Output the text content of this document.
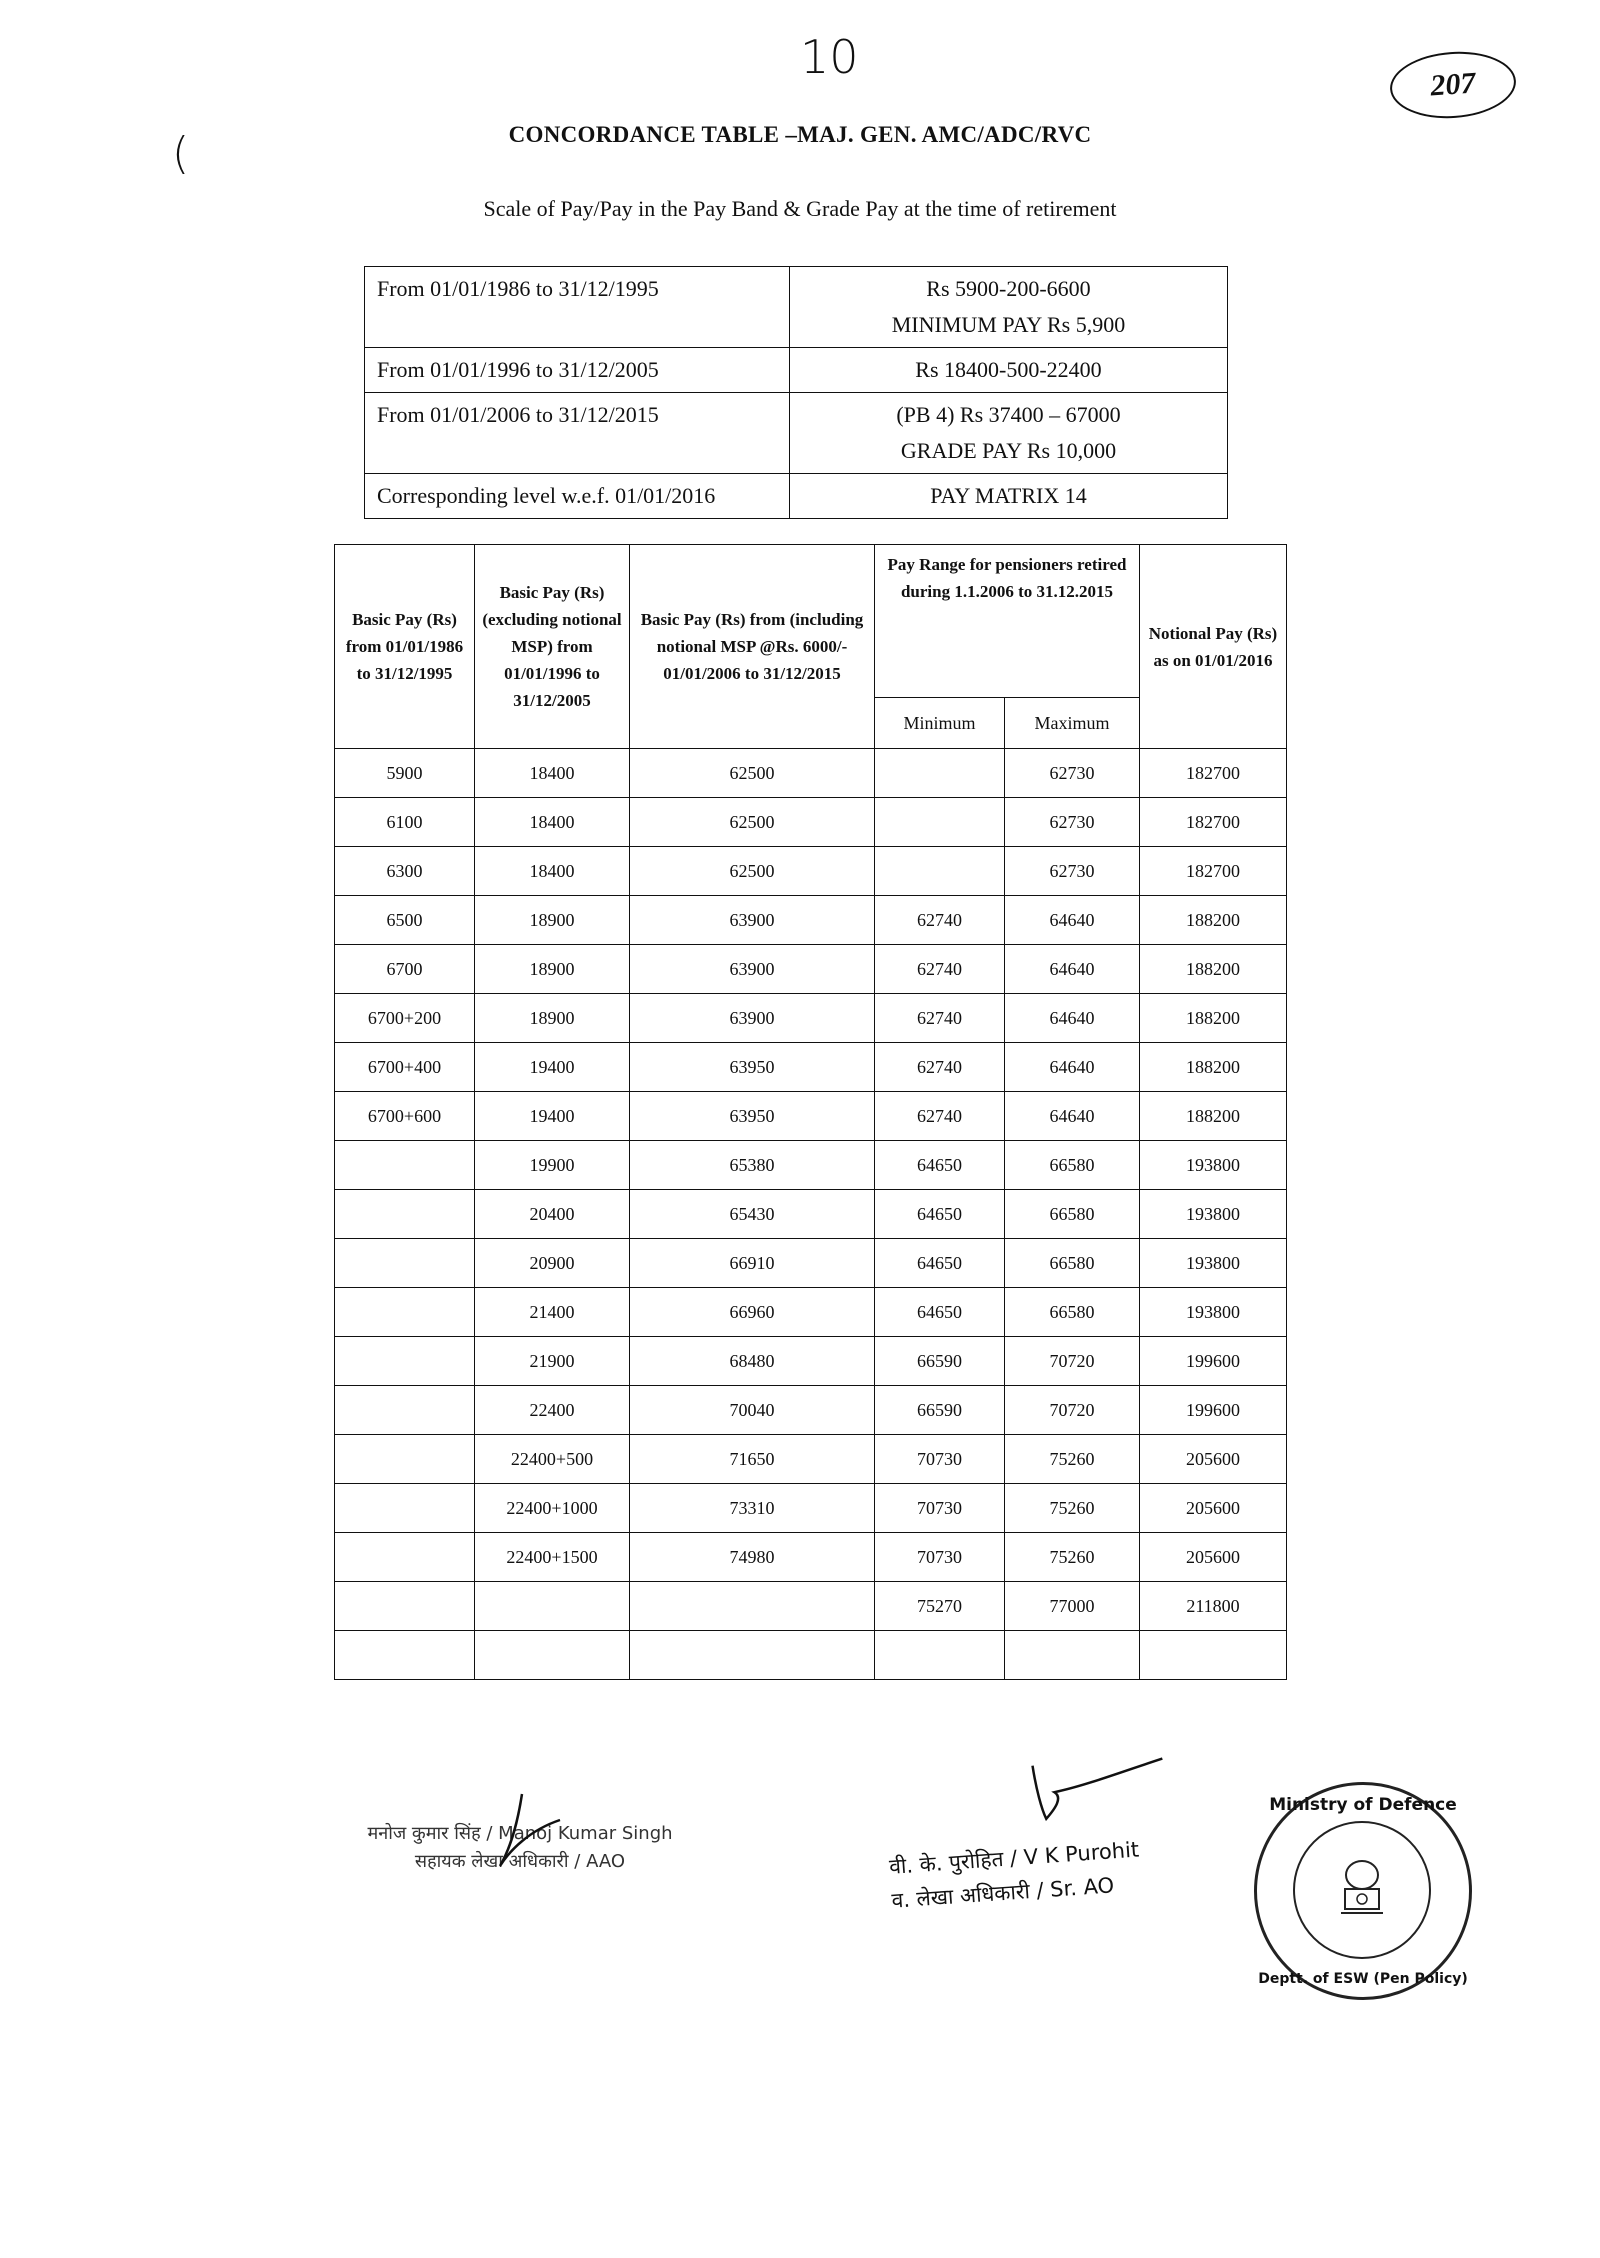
10
207
(	CONCORDANCE TABLE –MAJ. GEN. AMC/ADC/RVC
Scale of Pay/Pay in the Pay Band & Grade Pay at the time of retirement
From 01/01/1986 to 31/12/1995	Rs 5900-200-6600
MINIMUM PAY Rs 5,900

From 01/01/1996 to 31/12/2005	Rs 18400-500-22400

From 01/01/2006 to 31/12/2015	(PB 4) Rs 37400 – 67000
GRADE PAY Rs 10,000

Corresponding level w.e.f. 01/01/2016	PAY MATRIX 14
Basic Pay (Rs) from 01/01/1986 to 31/12/1995	Basic Pay (Rs) (excluding notional MSP) from 01/01/1996 to 31/12/2005	Basic Pay (Rs) from (including notional MSP @Rs. 6000/- 01/01/2006 to 31/12/2015	Pay Range for pensioners retired during 1.1.2006 to 31.12.2015		Notional Pay (Rs) as on 01/01/2016
			Minimum	Maximum	
5900	18400	62500		62730	182700
6100	18400	62500		62730	182700
6300	18400	62500		62730	182700
6500	18900	63900	62740	64640	188200
6700	18900	63900	62740	64640	188200
6700+200	18900	63900	62740	64640	188200
6700+400	19400	63950	62740	64640	188200
6700+600	19400	63950	62740	64640	188200
	19900	65380	64650	66580	193800
	20400	65430	64650	66580	193800
	20900	66910	64650	66580	193800
	21400	66960	64650	66580	193800
	21900	68480	66590	70720	199600
	22400	70040	66590	70720	199600
	22400+500	71650	70730	75260	205600
	22400+1000	73310	70730	75260	205600
	22400+1500	74980	70730	75260	205600
			75270	77000	211800

मनोज कुमार सिंह / Manoj Kumar Singh
सहायक लेखा अधिकारी / AAO	वी. के. पुरोहित / V K Purohit
व. लेखा अधिकारी / Sr. AO
Ministry of Defence
Deptt. of ESW (Pen Policy)
